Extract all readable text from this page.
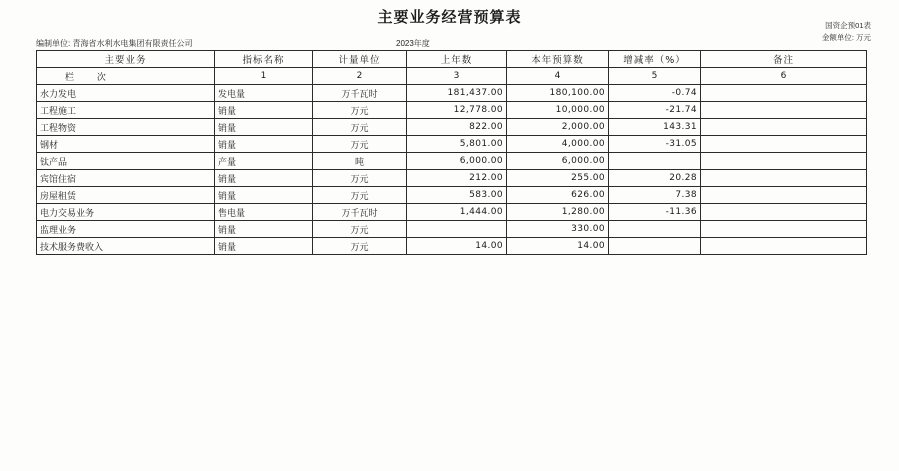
主要业务经营预算表	国资企预01表
金额单位: 万元
编制单位: 青海省水利水电集团有限责任公司	2023年度
主要业务	指标名称	计量单位	上年数	本年预算数	增减率（%）	备注
栏 次	1	2	3	4	5	6
水力发电	发电量	万千瓦时	181,437.00	180,100.00	-0.74	
工程施工	销量	万元	12,778.00	10,000.00	-21.74	
工程物资	销量	万元	822.00	2,000.00	143.31	
钢材	销量	万元	5,801.00	4,000.00	-31.05	
钛产品	产量	吨	6,000.00	6,000.00		
宾馆住宿	销量	万元	212.00	255.00	20.28	
房屋租赁	销量	万元	583.00	626.00	7.38	
电力交易业务	售电量	万千瓦时	1,444.00	1,280.00	-11.36	
监理业务	销量	万元		330.00		
技术服务费收入	销量	万元	14.00	14.00		
